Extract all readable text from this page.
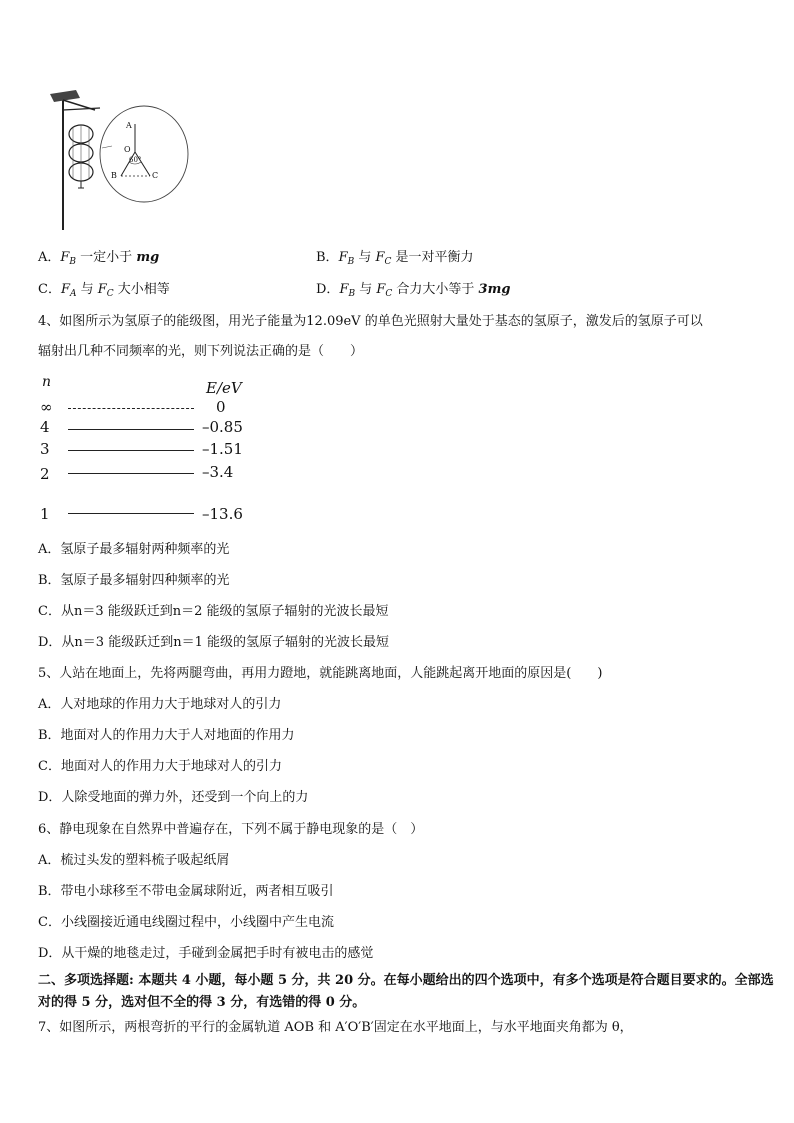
A
O
B	C
60°
A．$F_B$ 一定小于 mg	B．$F_B$ 与 $F_C$ 是一对平衡力
C．$F_A$ 与 $F_C$ 大小相等	D．$F_B$ 与 $F_C$ 合力大小等于 3mg
4、如图所示为氢原子的能级图，用光子能量为12.09eV 的单色光照射大量处于基态的氢原子，激发后的氢原子可以
辐射出几种不同频率的光，则下列说法正确的是（　　）
n	E/eV
∞	0
4	–0.85
3	–1.51
2	–3.4
1	–13.6
A．氢原子最多辐射两种频率的光
B．氢原子最多辐射四种频率的光
C．从n＝3 能级跃迁到n＝2 能级的氢原子辐射的光波长最短
D．从n＝3 能级跃迁到n＝1 能级的氢原子辐射的光波长最短
5、人站在地面上，先将两腿弯曲，再用力蹬地，就能跳离地面，人能跳起离开地面的原因是(　　)
A．人对地球的作用力大于地球对人的引力
B．地面对人的作用力大于人对地面的作用力
C．地面对人的作用力大于地球对人的引力
D．人除受地面的弹力外，还受到一个向上的力
6、静电现象在自然界中普遍存在，下列不属于静电现象的是（　）
A．梳过头发的塑料梳子吸起纸屑
B．带电小球移至不带电金属球附近，两者相互吸引
C．小线圈接近通电线圈过程中，小线圈中产生电流
D．从干燥的地毯走过，手碰到金属把手时有被电击的感觉
二、多项选择题: 本题共 4 小题，每小题 5 分，共 20 分。在每小题给出的四个选项中，有多个选项是符合题目要求的。全部选对的得 5 分，选对但不全的得 3 分，有选错的得 0 分。
7、如图所示，两根弯折的平行的金属轨道 AOB 和 A′O′B′固定在水平地面上，与水平地面夹角都为 θ，
